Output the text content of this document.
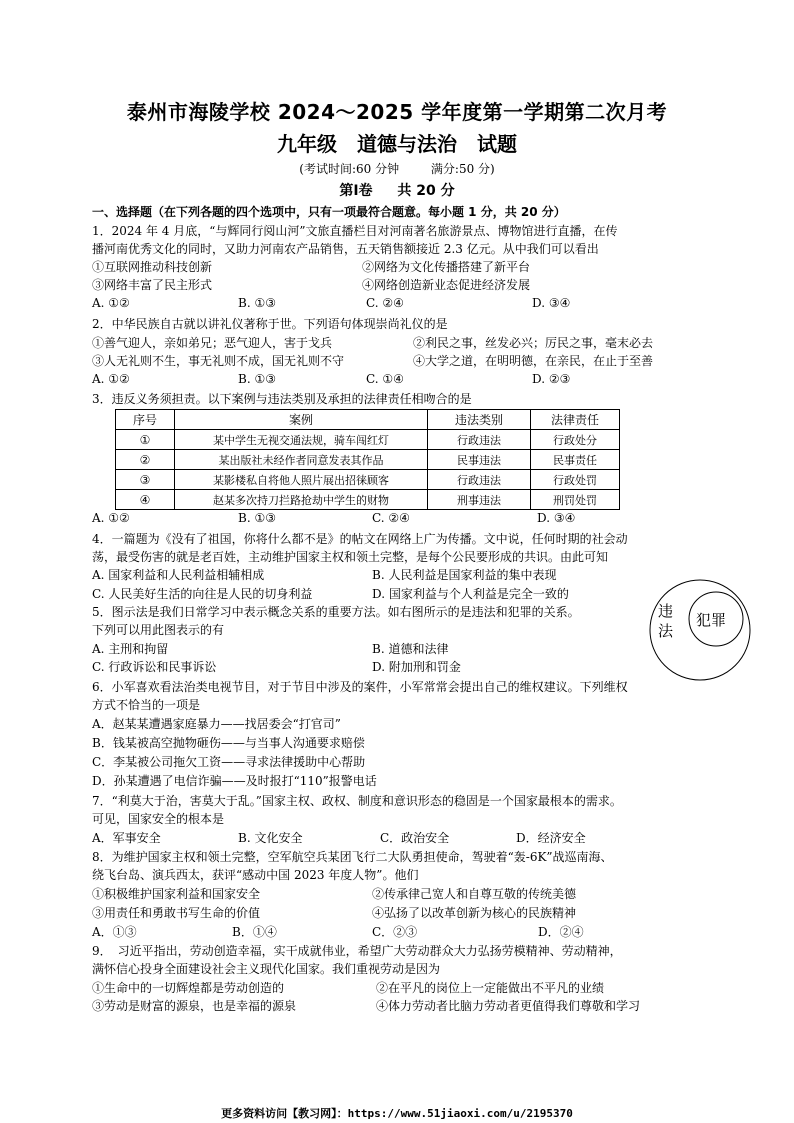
泰州市海陵学校 2024～2025 学年度第一学期第二次月考
九年级　道德与法治　试题
(考试时间:60 分钟	满分:50 分)
第Ⅰ卷 共 20 分
一、选择题（在下列各题的四个选项中，只有一项最符合题意。每小题 1 分，共 20 分）
1．2024 年 4 月底，“与辉同行阅山河”文旅直播栏目对河南著名旅游景点、博物馆进行直播，在传
播河南优秀文化的同时，又助力河南农产品销售，五天销售额接近 2.3 亿元。从中我们可以看出
①互联网推动科技创新	②网络为文化传播搭建了新平台
③网络丰富了民主形式	④网络创造新业态促进经济发展
A. ①②	B. ①③	C. ②④	D. ③④
2．中华民族自古就以讲礼仪著称于世。下列语句体现崇尚礼仪的是
①善气迎人，亲如弟兄；恶气迎人，害于戈兵	②利民之事，丝发必兴；厉民之事，毫末必去
③人无礼则不生，事无礼则不成，国无礼则不守	④大学之道，在明明德，在亲民，在止于至善
A. ①②	B. ①③	C. ①④	D. ②③
3．违反义务须担责。以下案例与违法类别及承担的法律责任相吻合的是
序号	案例	违法类别	法律责任
①	某中学生无视交通法规，骑车闯红灯	行政违法	行政处分
②	某出版社未经作者同意发表其作品	民事违法	民事责任
③	某影楼私自将他人照片展出招徕顾客	行政违法	行政处罚
④	赵某多次持刀拦路抢劫中学生的财物	刑事违法	刑罚处罚
A. ①②	B. ①③	C. ②④	D. ③④
4．一篇题为《没有了祖国，你将什么都不是》的帖文在网络上广为传播。文中说，任何时期的社会动
荡，最受伤害的就是老百姓，主动维护国家主权和领土完整，是每个公民要形成的共识。由此可知
A. 国家利益和人民利益相辅相成	B. 人民利益是国家利益的集中表现
C. 人民美好生活的向往是人民的切身利益	D. 国家利益与个人利益是完全一致的
5．图示法是我们日常学习中表示概念关系的重要方法。如右图所示的是违法和犯罪的关系。
下列可以用此图表示的有
A. 主刑和拘留	B. 道德和法律
C. 行政诉讼和民事诉讼	D. 附加刑和罚金
违
法
犯罪
6．小军喜欢看法治类电视节目，对于节目中涉及的案件，小军常常会提出自己的维权建议。下列维权
方式不恰当的一项是
A．赵某某遭遇家庭暴力——找居委会“打官司”
B．钱某被高空抛物砸伤——与当事人沟通要求赔偿
C．李某被公司拖欠工资——寻求法律援助中心帮助
D．孙某遭遇了电信诈骗——及时报打“110”报警电话
7．“利莫大于治，害莫大于乱。”国家主权、政权、制度和意识形态的稳固是一个国家最根本的需求。
可见，国家安全的根本是
A．军事安全	B. 文化安全	C．政治安全	D．经济安全
8．为维护国家主权和领土完整，空军航空兵某团飞行二大队勇担使命，驾驶着“轰-6K”战巡南海、
绕飞台岛、演兵西太，获评“感动中国 2023 年度人物”。他们
①积极维护国家利益和国家安全	②传承律己宽人和自尊互敬的传统美德
③用责任和勇敢书写生命的价值	④弘扬了以改革创新为核心的民族精神
A．①③	B．①④	C．②③	D．②④
9．　习近平指出，劳动创造幸福，实干成就伟业，希望广大劳动群众大力弘扬劳模精神、劳动精神，
满怀信心投身全面建设社会主义现代化国家。我们重视劳动是因为
①生命中的一切辉煌都是劳动创造的	②在平凡的岗位上一定能做出不平凡的业绩
③劳动是财富的源泉，也是幸福的源泉	④体力劳动者比脑力劳动者更值得我们尊敬和学习
更多资料访问【教习网】：https://www.51jiaoxi.com/u/2195370
